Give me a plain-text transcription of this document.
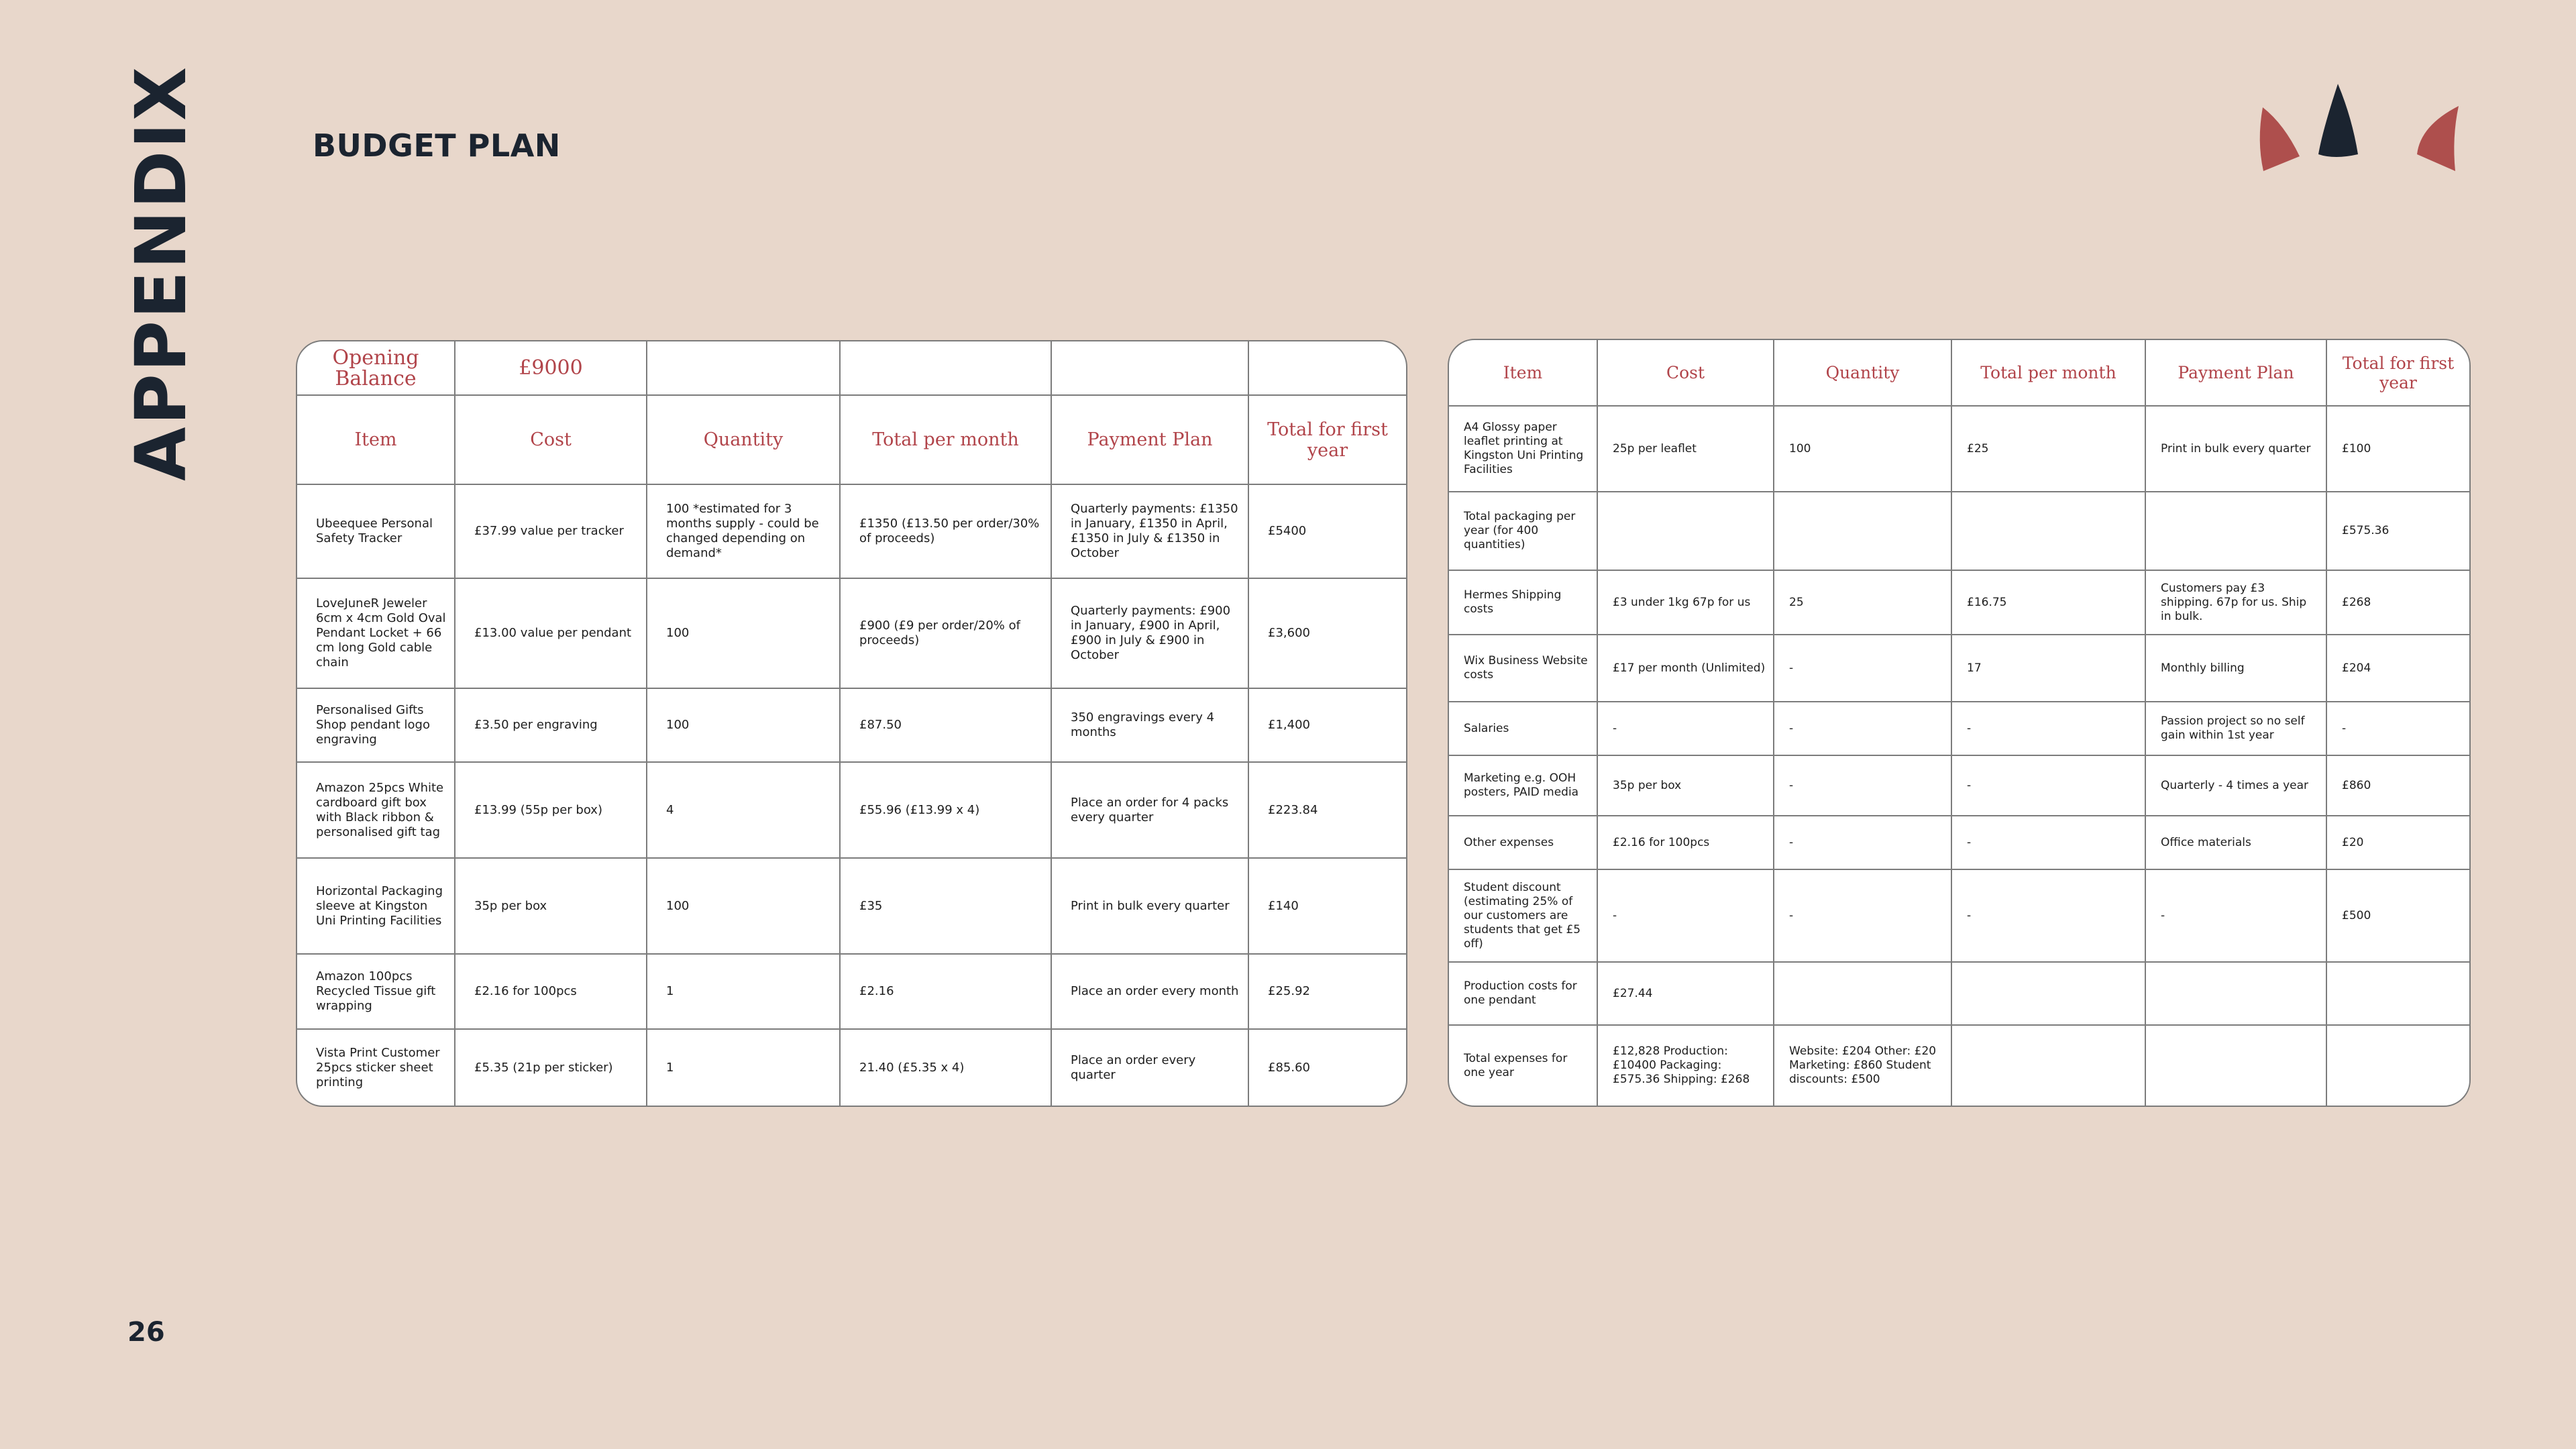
APPENDIX	BUDGET PLAN
26
Opening Balance	£9000				
Item	Cost	Quantity	Total per month	Payment Plan	Total for first year
Ubeequee Personal Safety Tracker	£37.99 value per tracker	100 *estimated for 3 months supply - could be changed depending on demand*	£1350 (£13.50 per order/30% of proceeds)	Quarterly payments: £1350 in January, £1350 in April, £1350 in July & £1350 in October	£5400
LoveJuneR Jeweler 6cm x 4cm Gold Oval Pendant Locket + 66 cm long Gold cable chain	£13.00 value per pendant	100	£900 (£9 per order/20% of proceeds)	Quarterly payments: £900 in January, £900 in April, £900 in July & £900 in October	£3,600
Personalised Gifts Shop pendant logo engraving	£3.50 per engraving	100	£87.50	350 engravings every 4 months	£1,400
Amazon 25pcs White cardboard gift box with Black ribbon & personalised gift tag	£13.99 (55p per box)	4	£55.96 (£13.99 x 4)	Place an order for 4 packs every quarter	£223.84
Horizontal Packaging sleeve at Kingston Uni Printing Facilities	35p per box	100	£35	Print in bulk every quarter	£140
Amazon 100pcs Recycled Tissue gift wrapping	£2.16 for 100pcs	1	£2.16	Place an order every month	£25.92
Vista Print Customer 25pcs sticker sheet printing	£5.35 (21p per sticker)	1	21.40 (£5.35 x 4)	Place an order every quarter	£85.60
Item	Cost	Quantity	Total per month	Payment Plan	Total for first year
A4 Glossy paper leaflet printing at Kingston Uni Printing Facilities	25p per leaflet	100	£25	Print in bulk every quarter	£100
Total packaging per year (for 400 quantities)					£575.36
Hermes Shipping costs	£3 under 1kg 67p for us	25	£16.75	Customers pay £3 shipping. 67p for us. Ship in bulk.	£268
Wix Business Website costs	£17 per month (Unlimited)	-	17	Monthly billing	£204
Salaries	-	-	-	Passion project so no self gain within 1st year	-
Marketing e.g. OOH posters, PAID media	35p per box	-	-	Quarterly - 4 times a year	£860
Other expenses	£2.16 for 100pcs	-	-	Office materials	£20
Student discount (estimating 25% of our customers are students that get £5 off)	-	-	-	-	£500
Production costs for one pendant	£27.44				
Total expenses for one year	£12,828 Production: £10400 Packaging: £575.36 Shipping: £268	Website: £204 Other: £20 Marketing: £860 Student discounts: £500			
